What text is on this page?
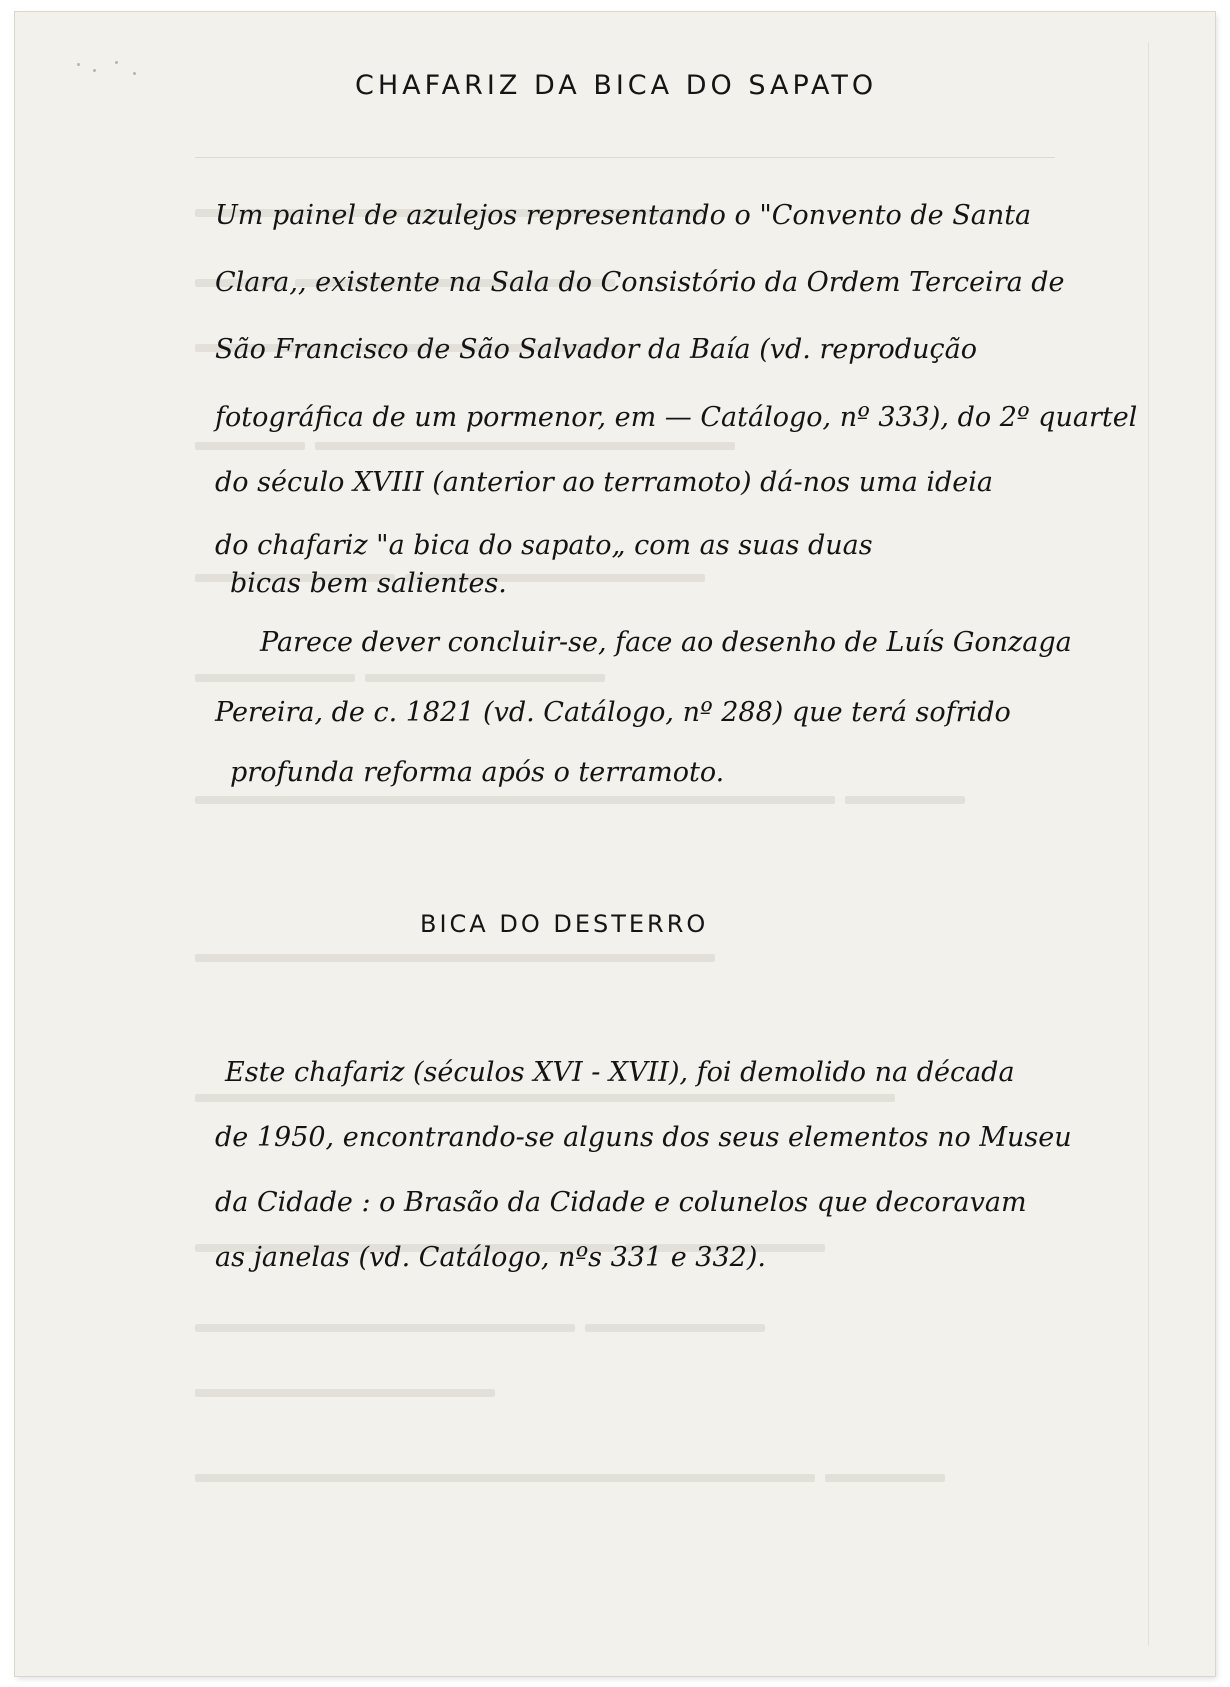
CHAFARIZ DA BICA DO SAPATO
Um painel de azulejos representando o "Convento de Santa
Clara,, existente na Sala do Consistório da Ordem Terceira de
São Francisco de São Salvador da Baía (vd. reprodução
fotográfica de um pormenor, em — Catálogo, nº 333), do 2º quartel
do século XVIII (anterior ao terramoto) dá-nos uma ideia
do chafariz "a bica do sapato„ com as suas duas
bicas bem salientes.
Parece dever concluir-se, face ao desenho de Luís Gonzaga
Pereira, de c. 1821 (vd. Catálogo, nº 288) que terá sofrido
profunda reforma após o terramoto.
BICA DO DESTERRO
Este chafariz (séculos XVI - XVII), foi demolido na década
de 1950, encontrando-se alguns dos seus elementos no Museu
da Cidade : o Brasão da Cidade e colunelos que decoravam
as janelas (vd. Catálogo, nºs 331 e 332).
